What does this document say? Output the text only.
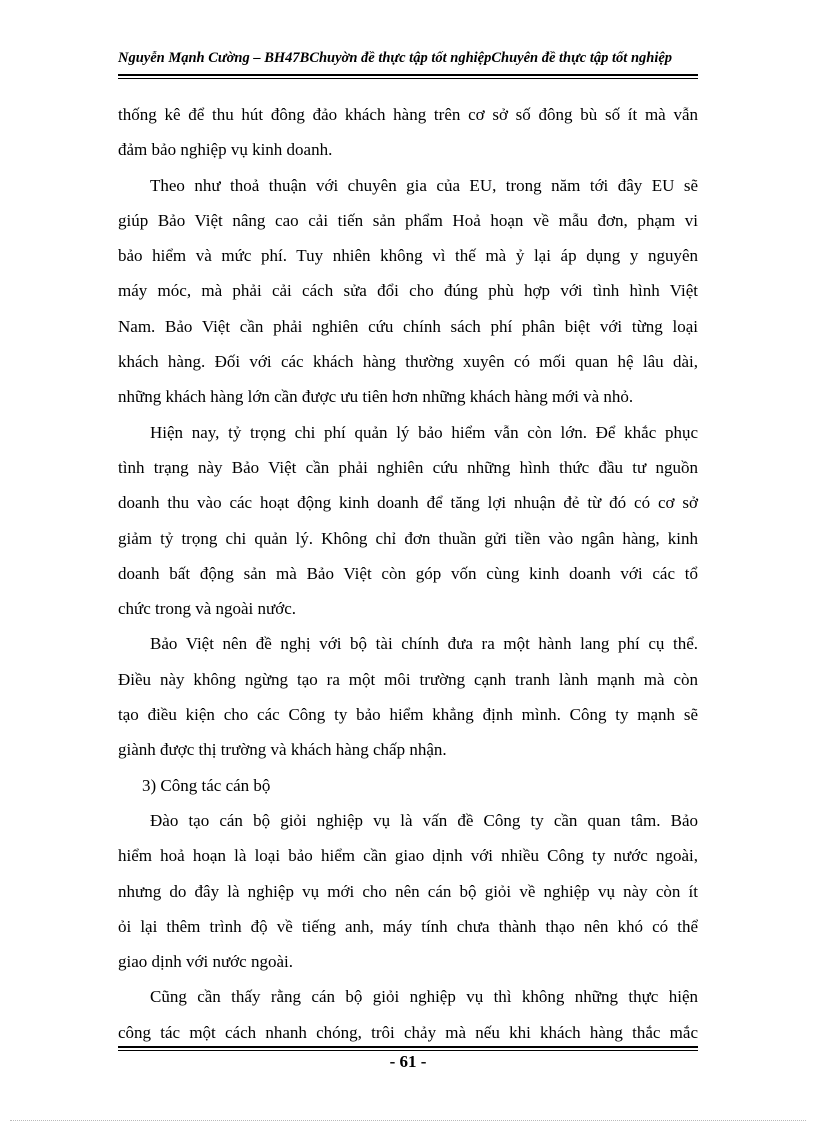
Nguyễn Mạnh Cường – BH47BChuyờn đề thực tập tốt nghiệpChuyên đề thực tập tốt nghiệp
thống kê để thu hút đông đảo khách hàng trên cơ sở số đông bù số ít mà vẫn
đảm bảo nghiệp vụ kinh doanh.
Theo như thoả thuận với chuyên gia của EU, trong năm tới đây EU sẽ
giúp Bảo Việt nâng cao cải tiến sản phẩm Hoả hoạn về mẫu đơn, phạm vi
bảo hiểm và mức phí. Tuy nhiên không vì thế mà ỷ lại áp dụng y nguyên
máy móc, mà phải cải cách sửa đổi cho đúng phù hợp với tình hình Việt
Nam. Bảo Việt cần phải nghiên cứu chính sách phí phân biệt với từng loại
khách hàng. Đối với các khách hàng thường xuyên có mối quan hệ lâu dài,
những khách hàng lớn cần được ưu tiên hơn những khách hàng mới và nhỏ.
Hiện nay, tỷ trọng chi phí quản lý bảo hiểm vẫn còn lớn. Để khắc phục
tình trạng này Bảo Việt cần phải nghiên cứu những hình thức đầu tư nguồn
doanh thu vào các hoạt động kinh doanh để tăng lợi nhuận đẻ từ đó có cơ sở
giảm tỷ trọng chi quản lý. Không chỉ đơn thuần gửi tiền vào ngân hàng, kinh
doanh bất động sản mà Bảo Việt còn góp vốn cùng kinh doanh với các tổ
chức trong và ngoài nước.
Bảo Việt nên đề nghị với bộ tài chính đưa ra một hành lang phí cụ thể.
Điều này không ngừng tạo ra một môi trường cạnh tranh lành mạnh mà còn
tạo điều kiện cho các Công ty bảo hiểm khẳng định mình. Công ty mạnh sẽ
giành được thị trường và khách hàng chấp nhận.
3) Công tác cán bộ
Đào tạo cán bộ giỏi nghiệp vụ là vấn đề Công ty cần quan tâm. Bảo
hiểm hoả hoạn là loại bảo hiểm cần giao dịnh với nhiều Công ty nước ngoài,
nhưng do đây là nghiệp vụ mới cho nên cán bộ giỏi về nghiệp vụ này còn ít
ỏi lại thêm trình độ về tiếng anh, máy tính chưa thành thạo nên khó có thể
giao dịnh với nước ngoài.
Cũng cần thấy rằng cán bộ giỏi nghiệp vụ thì không những thực hiện
công tác một cách nhanh chóng, trôi chảy mà nếu khi khách hàng thắc mắc
- 61 -
